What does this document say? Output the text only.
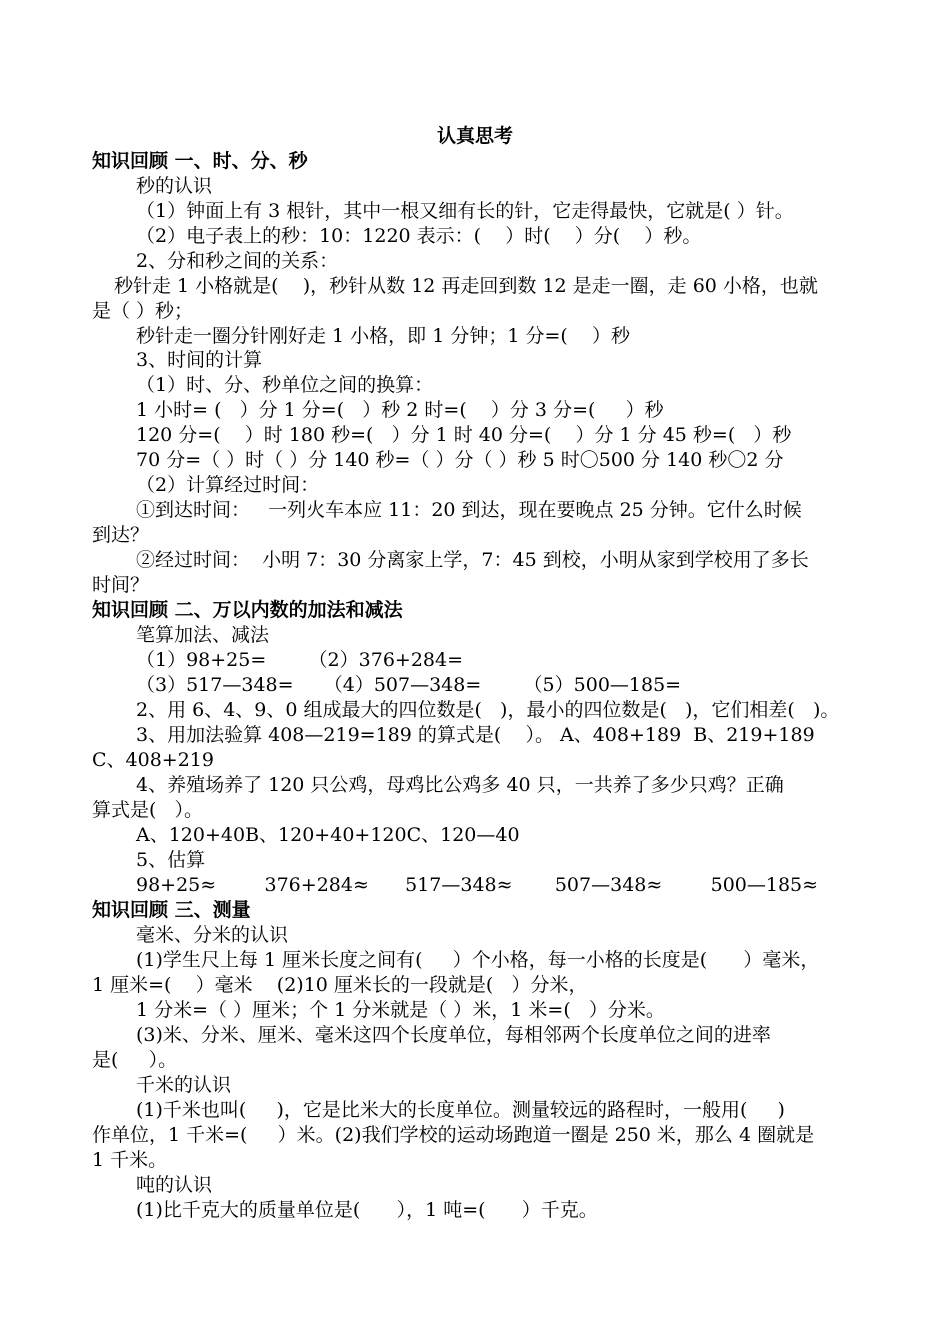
认真思考
知识回顾 一、时、分、秒
秒的认识
（1）钟面上有 3 根针，其中一根又细有长的针，它走得最快，它就是( ）针。
（2）电子表上的秒：10：1220 表示：(    ）时(    ）分(    ）秒。
2、分和秒之间的关系：
秒针走 1 小格就是(    )，秒针从数 12 再走回到数 12 是走一圈，走 60 小格，也就
是（ ）秒；
秒针走一圈分针刚好走 1 小格，即 1 分钟；1 分=(    ）秒
3、时间的计算
（1）时、分、秒单位之间的换算：
1 小时= (   ）分 1 分=(   ）秒 2 时=(    ）分 3 分=(     ）秒
120 分=(    ）时 180 秒=(   ）分 1 时 40 分=(    ）分 1 分 45 秒=(   ）秒
70 分=（ ）时（ ）分 140 秒=（ ）分（ ）秒 5 时〇500 分 140 秒〇2 分
（2）计算经过时间：
①到达时间：   一列火车本应 11：20 到达，现在要晚点 25 分钟。它什么时候
到达？
②经过时间：  小明 7：30 分离家上学，7：45 到校，小明从家到学校用了多长
时间？
知识回顾 二、万以内数的加法和减法
笔算加法、减法
（1）98+25=       （2）376+284=
（3）517—348=     （4）507—348=       （5）500—185=
2、用 6、4、9、0 组成最大的四位数是(   )，最小的四位数是(   )，它们相差(   )。
3、用加法验算 408—219=189 的算式是(    ）。 A、408+189  B、219+189
C、408+219
4、养殖场养了 120 只公鸡，母鸡比公鸡多 40 只，一共养了多少只鸡？正确
算式是(   ）。
A、120+40B、120+40+120C、120—40
5、估算
98+25≈        376+284≈      517—348≈       507—348≈        500—185≈
知识回顾 三、测量
毫米、分米的认识
(1)学生尺上每 1 厘米长度之间有(     ）个小格，每一小格的长度是(      ）毫米，
1 厘米=(    ）毫米    (2)10 厘米长的一段就是(   ）分米，
1 分米=（ ）厘米；个 1 分米就是（ ）米，1 米=(   ）分米。
(3)米、分米、厘米、毫米这四个长度单位，每相邻两个长度单位之间的进率
是(     ）。
千米的认识
(1)千米也叫(     )，它是比米大的长度单位。测量较远的路程时，一般用(     )
作单位，1 千米=(     ）米。(2)我们学校的运动场跑道一圈是 250 米，那么 4 圈就是
1 千米。
吨的认识
(1)比千克大的质量单位是(      ），1 吨=(      ）千克。
